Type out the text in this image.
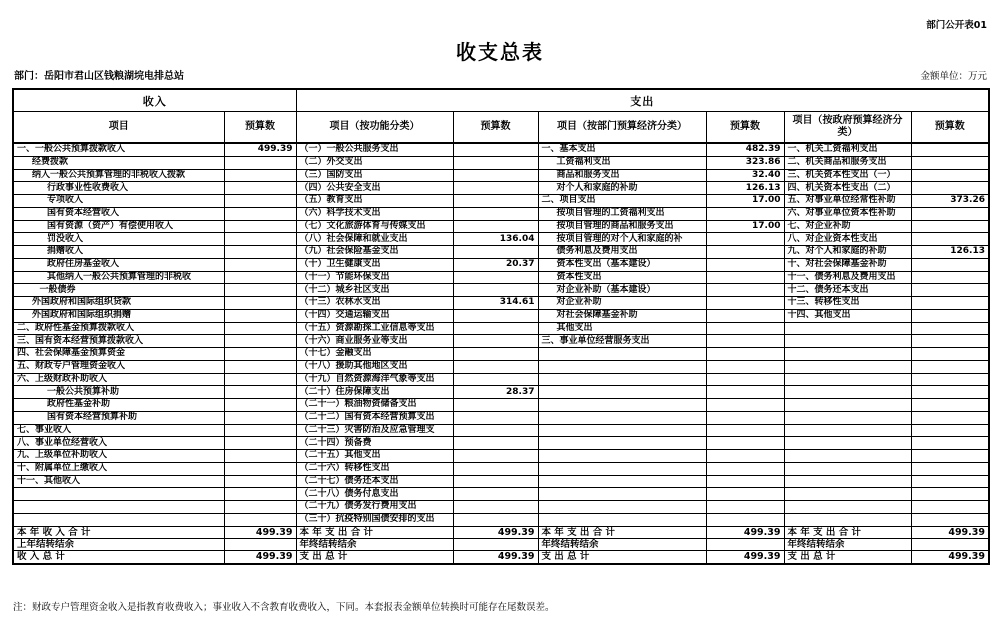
部门公开表01
收支总表
部门：岳阳市君山区钱粮湖垸电排总站	金额单位：万元
收入		支出					
项目	预算数	项目（按功能分类）	预算数	项目（按部门预算经济分类）	预算数	项目（按政府预算经济分类）	预算数
一、一般公共预算拨款收入	499.39	（一）一般公共服务支出		一、基本支出	482.39	一、机关工资福利支出	
经费拨款		（二）外交支出		工资福利支出	323.86	二、机关商品和服务支出	
纳入一般公共预算管理的非税收入拨款		（三）国防支出		商品和服务支出	32.40	三、机关资本性支出（一）	
行政事业性收费收入		（四）公共安全支出		对个人和家庭的补助	126.13	四、机关资本性支出（二）	
专项收入		（五）教育支出		二、项目支出	17.00	五、对事业单位经常性补助	373.26
国有资本经营收入		（六）科学技术支出		按项目管理的工资福利支出		六、对事业单位资本性补助	
国有资源（资产）有偿使用收入		（七）文化旅游体育与传媒支出		按项目管理的商品和服务支出	17.00	七、对企业补助	
罚没收入		（八）社会保障和就业支出	136.04	按项目管理的对个人和家庭的补		八、对企业资本性支出	
捐赠收入		（九）社会保险基金支出		债务利息及费用支出		九、对个人和家庭的补助	126.13
政府住房基金收入		（十）卫生健康支出	20.37	资本性支出（基本建设）		十、对社会保障基金补助	
其他纳入一般公共预算管理的非税收		（十一）节能环保支出		资本性支出		十一、债务利息及费用支出	
一般债券		（十二）城乡社区支出		对企业补助（基本建设）		十二、债务还本支出	
外国政府和国际组织贷款		（十三）农林水支出	314.61	对企业补助		十三、转移性支出	
外国政府和国际组织捐赠		（十四）交通运输支出		对社会保障基金补助		十四、其他支出	
二、政府性基金预算拨款收入		（十五）资源勘探工业信息等支出		其他支出			
三、国有资本经营预算拨款收入		（十六）商业服务业等支出		三、事业单位经营服务支出			
四、社会保障基金预算资金		（十七）金融支出					
五、财政专户管理资金收入		（十八）援助其他地区支出					
六、上级财政补助收入		（十九）自然资源海洋气象等支出					
一般公共预算补助		（二十）住房保障支出	28.37				
政府性基金补助		（二十一）粮油物资储备支出					
国有资本经营预算补助		（二十二）国有资本经营预算支出					
七、事业收入		（二十三）灾害防治及应急管理支					
八、事业单位经营收入		（二十四）预备费					
九、上级单位补助收入		（二十五）其他支出					
十、附属单位上缴收入		（二十六）转移性支出					
十一、其他收入		（二十七）债务还本支出					
		（二十八）债务付息支出					
		（二十九）债务发行费用支出					
		（三十）抗疫特别国债安排的支出					
本 年 收 入 合 计	499.39	本 年 支 出 合 计	499.39	本 年 支 出 合 计	499.39	本 年 支 出 合 计	499.39
上年结转结余		年终结转结余		年终结转结余		年终结转结余	
收 入 总 计	499.39	支 出 总 计	499.39	支 出 总 计	499.39	支 出 总 计	499.39
注：财政专户管理资金收入是指教育收费收入；事业收入不含教育收费收入，下同。本套报表金额单位转换时可能存在尾数误差。
